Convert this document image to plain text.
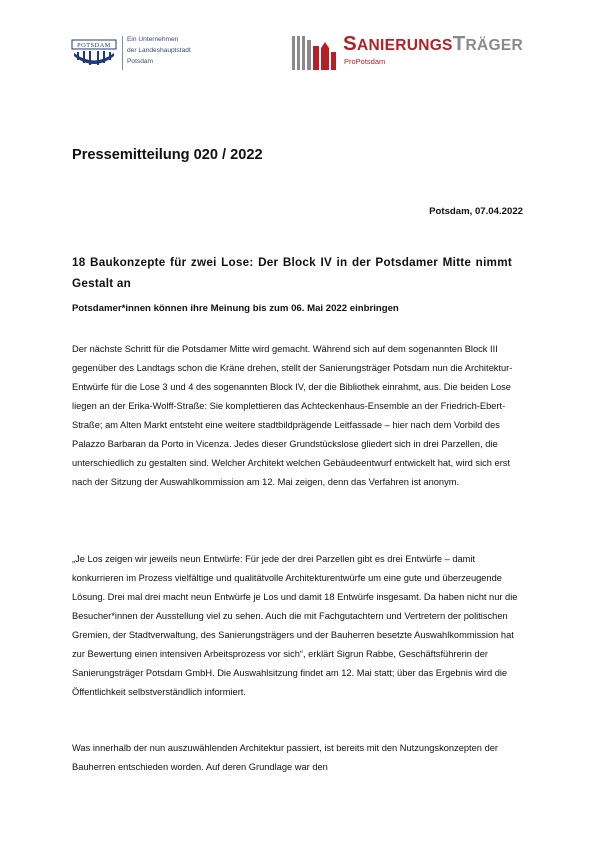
POTSDAM
Ein Unternehmen
der Landeshauptstadt
Potsdam
SANIERUNGSTRÄGER
ProPotsdam
Pressemitteilung 020 / 2022
Potsdam, 07.04.2022
18 Baukonzepte für zwei Lose: Der Block IV in der Potsdamer Mitte nimmt Gestalt an
Potsdamer*innen können ihre Meinung bis zum 06. Mai 2022 einbringen

Der nächste Schritt für die Potsdamer Mitte wird gemacht. Während sich auf dem sogenannten Block III gegenüber des Landtags schon die Kräne drehen, stellt der Sanierungsträger Potsdam nun die Architektur-Entwürfe für die Lose 3 und 4 des sogenannten Block IV, der die Bibliothek einrahmt, aus. Die beiden Lose liegen an der Erika-Wolff-Straße: Sie komplettieren das Achteckenhaus-Ensemble an der Friedrich-Ebert-Straße; am Alten Markt entsteht eine weitere stadtbildprägende Leitfassade – hier nach dem Vorbild des Palazzo Barbaran da Porto in Vicenza. Jedes dieser Grundstückslose gliedert sich in drei Parzellen, die unterschiedlich zu gestalten sind. Welcher Architekt welchen Gebäudeentwurf entwickelt hat, wird sich erst nach der Sitzung der Auswahlkommission am 12. Mai zeigen, denn das Verfahren ist anonym.

„Je Los zeigen wir jeweils neun Entwürfe: Für jede der drei Parzellen gibt es drei Entwürfe – damit konkurrieren im Prozess vielfältige und qualitätvolle Architekturentwürfe um eine gute und überzeugende Lösung. Drei mal drei macht neun Entwürfe je Los und damit 18 Entwürfe insgesamt. Da haben nicht nur die Besucher*innen der Ausstellung viel zu sehen. Auch die mit Fachgutachtern und Vertretern der politischen Gremien, der Stadtverwaltung, des Sanierungsträgers und der Bauherren besetzte Auswahlkommission hat zur Bewertung einen intensiven Arbeitsprozess vor sich“, erklärt Sigrun Rabbe, Geschäftsführerin der Sanierungsträger Potsdam GmbH. Die Auswahlsitzung findet am 12. Mai statt; über das Ergebnis wird die Öffentlichkeit selbstverständlich informiert.

Was innerhalb der nun auszuwählenden Architektur passiert, ist bereits mit den Nutzungskonzepten der Bauherren entschieden worden. Auf deren Grundlage war den
